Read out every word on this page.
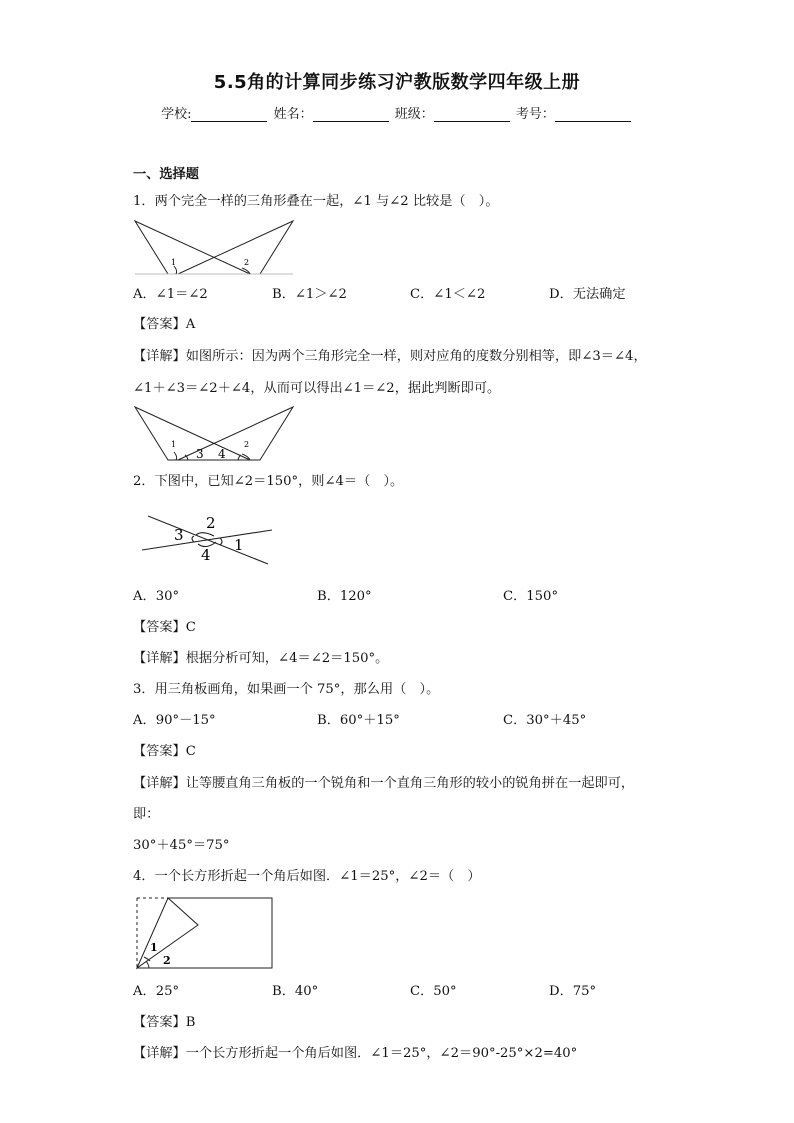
5.5角的计算同步练习沪教版数学四年级上册
学校:	姓名：	班级：	考号：
一、选择题
1．两个完全一样的三角形叠在一起，∠1 与∠2 比较是（　）。
1	2
A．∠1＝∠2	B．∠1＞∠2	C．∠1＜∠2	D．无法确定
【答案】A
【详解】如图所示：因为两个三角形完全一样，则对应角的度数分别相等，即∠3＝∠4，
∠1＋∠3＝∠2＋∠4，从而可以得出∠1＝∠2，据此判断即可。
1
3 4
2
2．下图中，已知∠2＝150°，则∠4＝（　）。
3
2
1
4
A．30°	B．120°	C．150°
【答案】C
【详解】根据分析可知，∠4＝∠2＝150°。
3．用三角板画角，如果画一个 75°，那么用（　）。
A．90°－15°	B．60°＋15°	C．30°＋45°
【答案】C
【详解】让等腰直角三角板的一个锐角和一个直角三角形的较小的锐角拼在一起即可，
即：
30°＋45°＝75°
4．一个长方形折起一个角后如图．∠1＝25°，∠2＝（　）
1
2
A．25°	B．40°	C．50°	D．75°
【答案】B
【详解】一个长方形折起一个角后如图．∠1＝25°，∠2＝90°-25°×2=40°
